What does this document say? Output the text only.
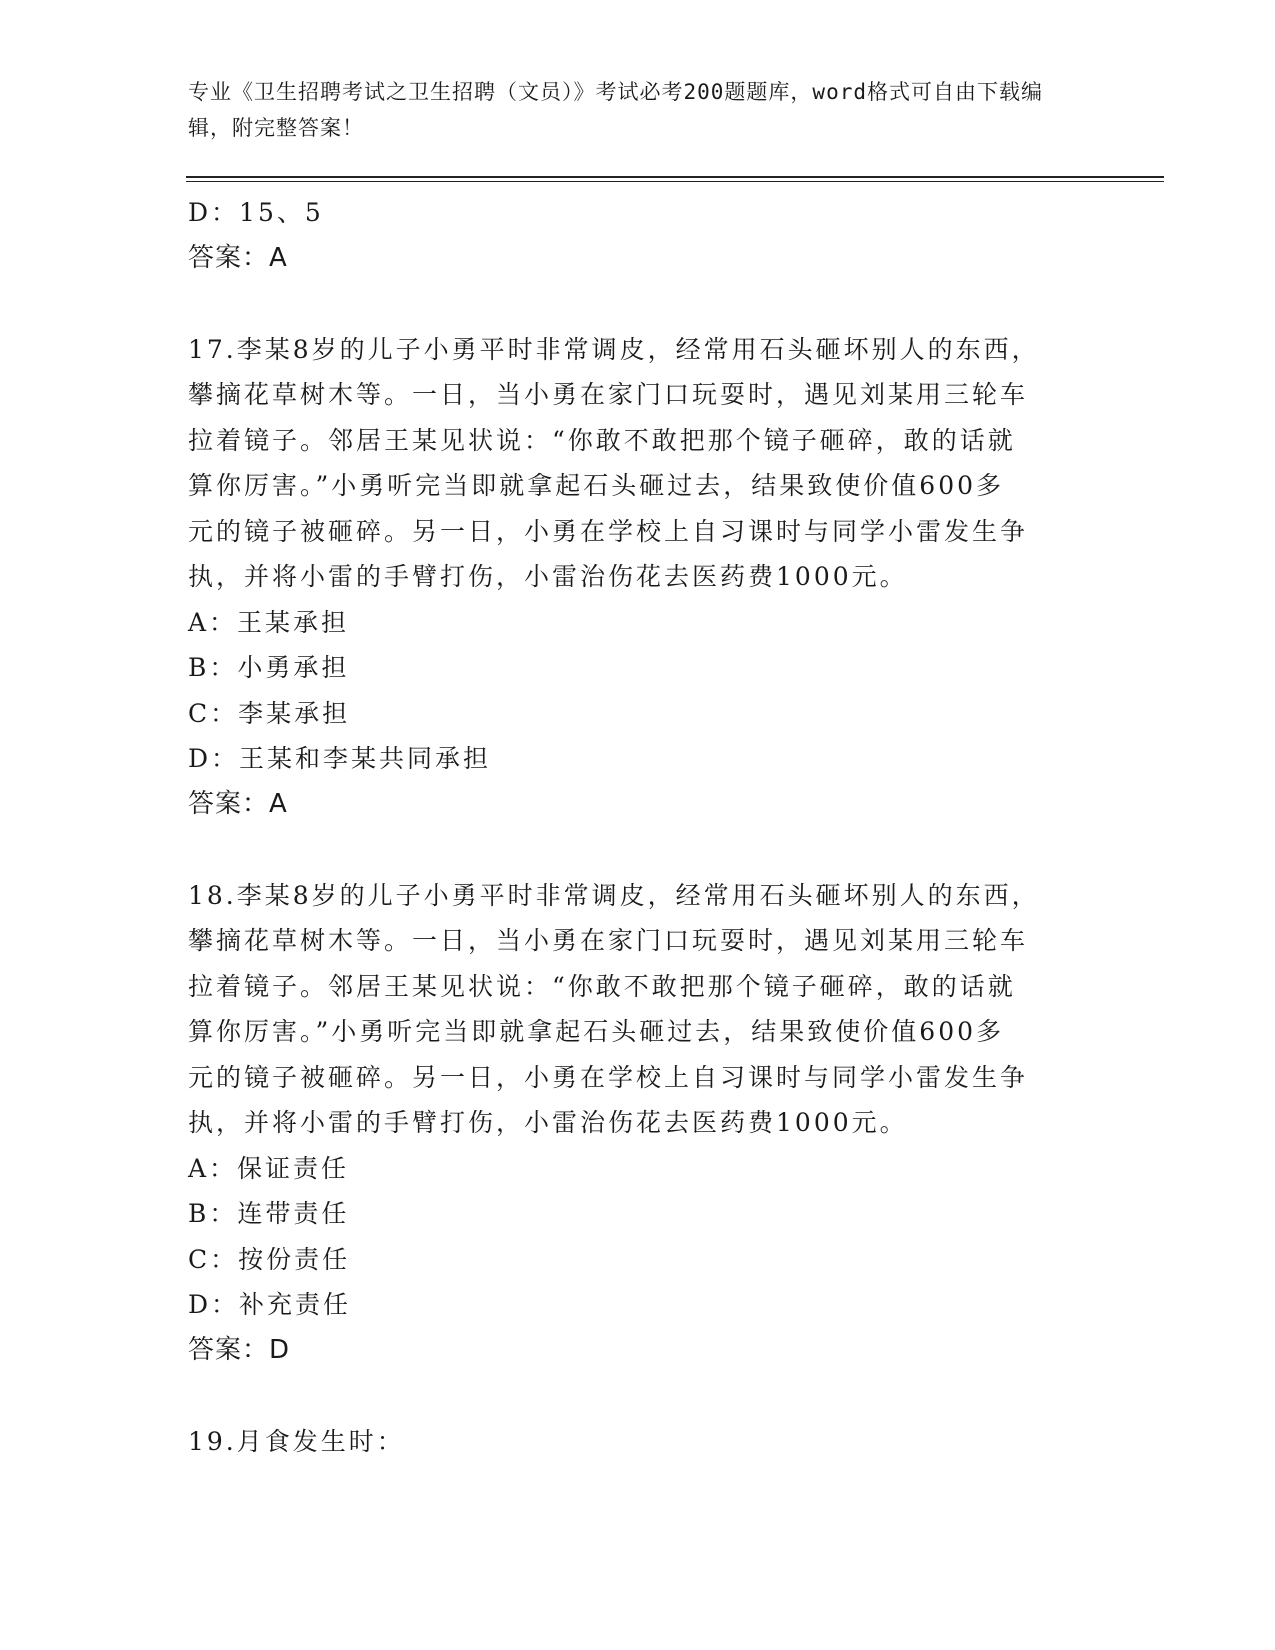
专业《卫生招聘考试之卫生招聘（文员）》考试必考200题题库，word格式可自由下载编辑，附完整答案！

D：15、5

答案：A

17.李某8岁的儿子小勇平时非常调皮，经常用石头砸坏别人的东西，

攀摘花草树木等。一日，当小勇在家门口玩耍时，遇见刘某用三轮车

拉着镜子。邻居王某见状说：“你敢不敢把那个镜子砸碎，敢的话就

算你厉害。”小勇听完当即就拿起石头砸过去，结果致使价值600多

元的镜子被砸碎。另一日，小勇在学校上自习课时与同学小雷发生争

执，并将小雷的手臂打伤，小雷治伤花去医药费1000元。

A：王某承担

B：小勇承担

C：李某承担

D：王某和李某共同承担

答案：A

18.李某8岁的儿子小勇平时非常调皮，经常用石头砸坏别人的东西，

攀摘花草树木等。一日，当小勇在家门口玩耍时，遇见刘某用三轮车

拉着镜子。邻居王某见状说：“你敢不敢把那个镜子砸碎，敢的话就

算你厉害。”小勇听完当即就拿起石头砸过去，结果致使价值600多

元的镜子被砸碎。另一日，小勇在学校上自习课时与同学小雷发生争

执，并将小雷的手臂打伤，小雷治伤花去医药费1000元。

A：保证责任

B：连带责任

C：按份责任

D：补充责任

答案：D

19.月食发生时：
